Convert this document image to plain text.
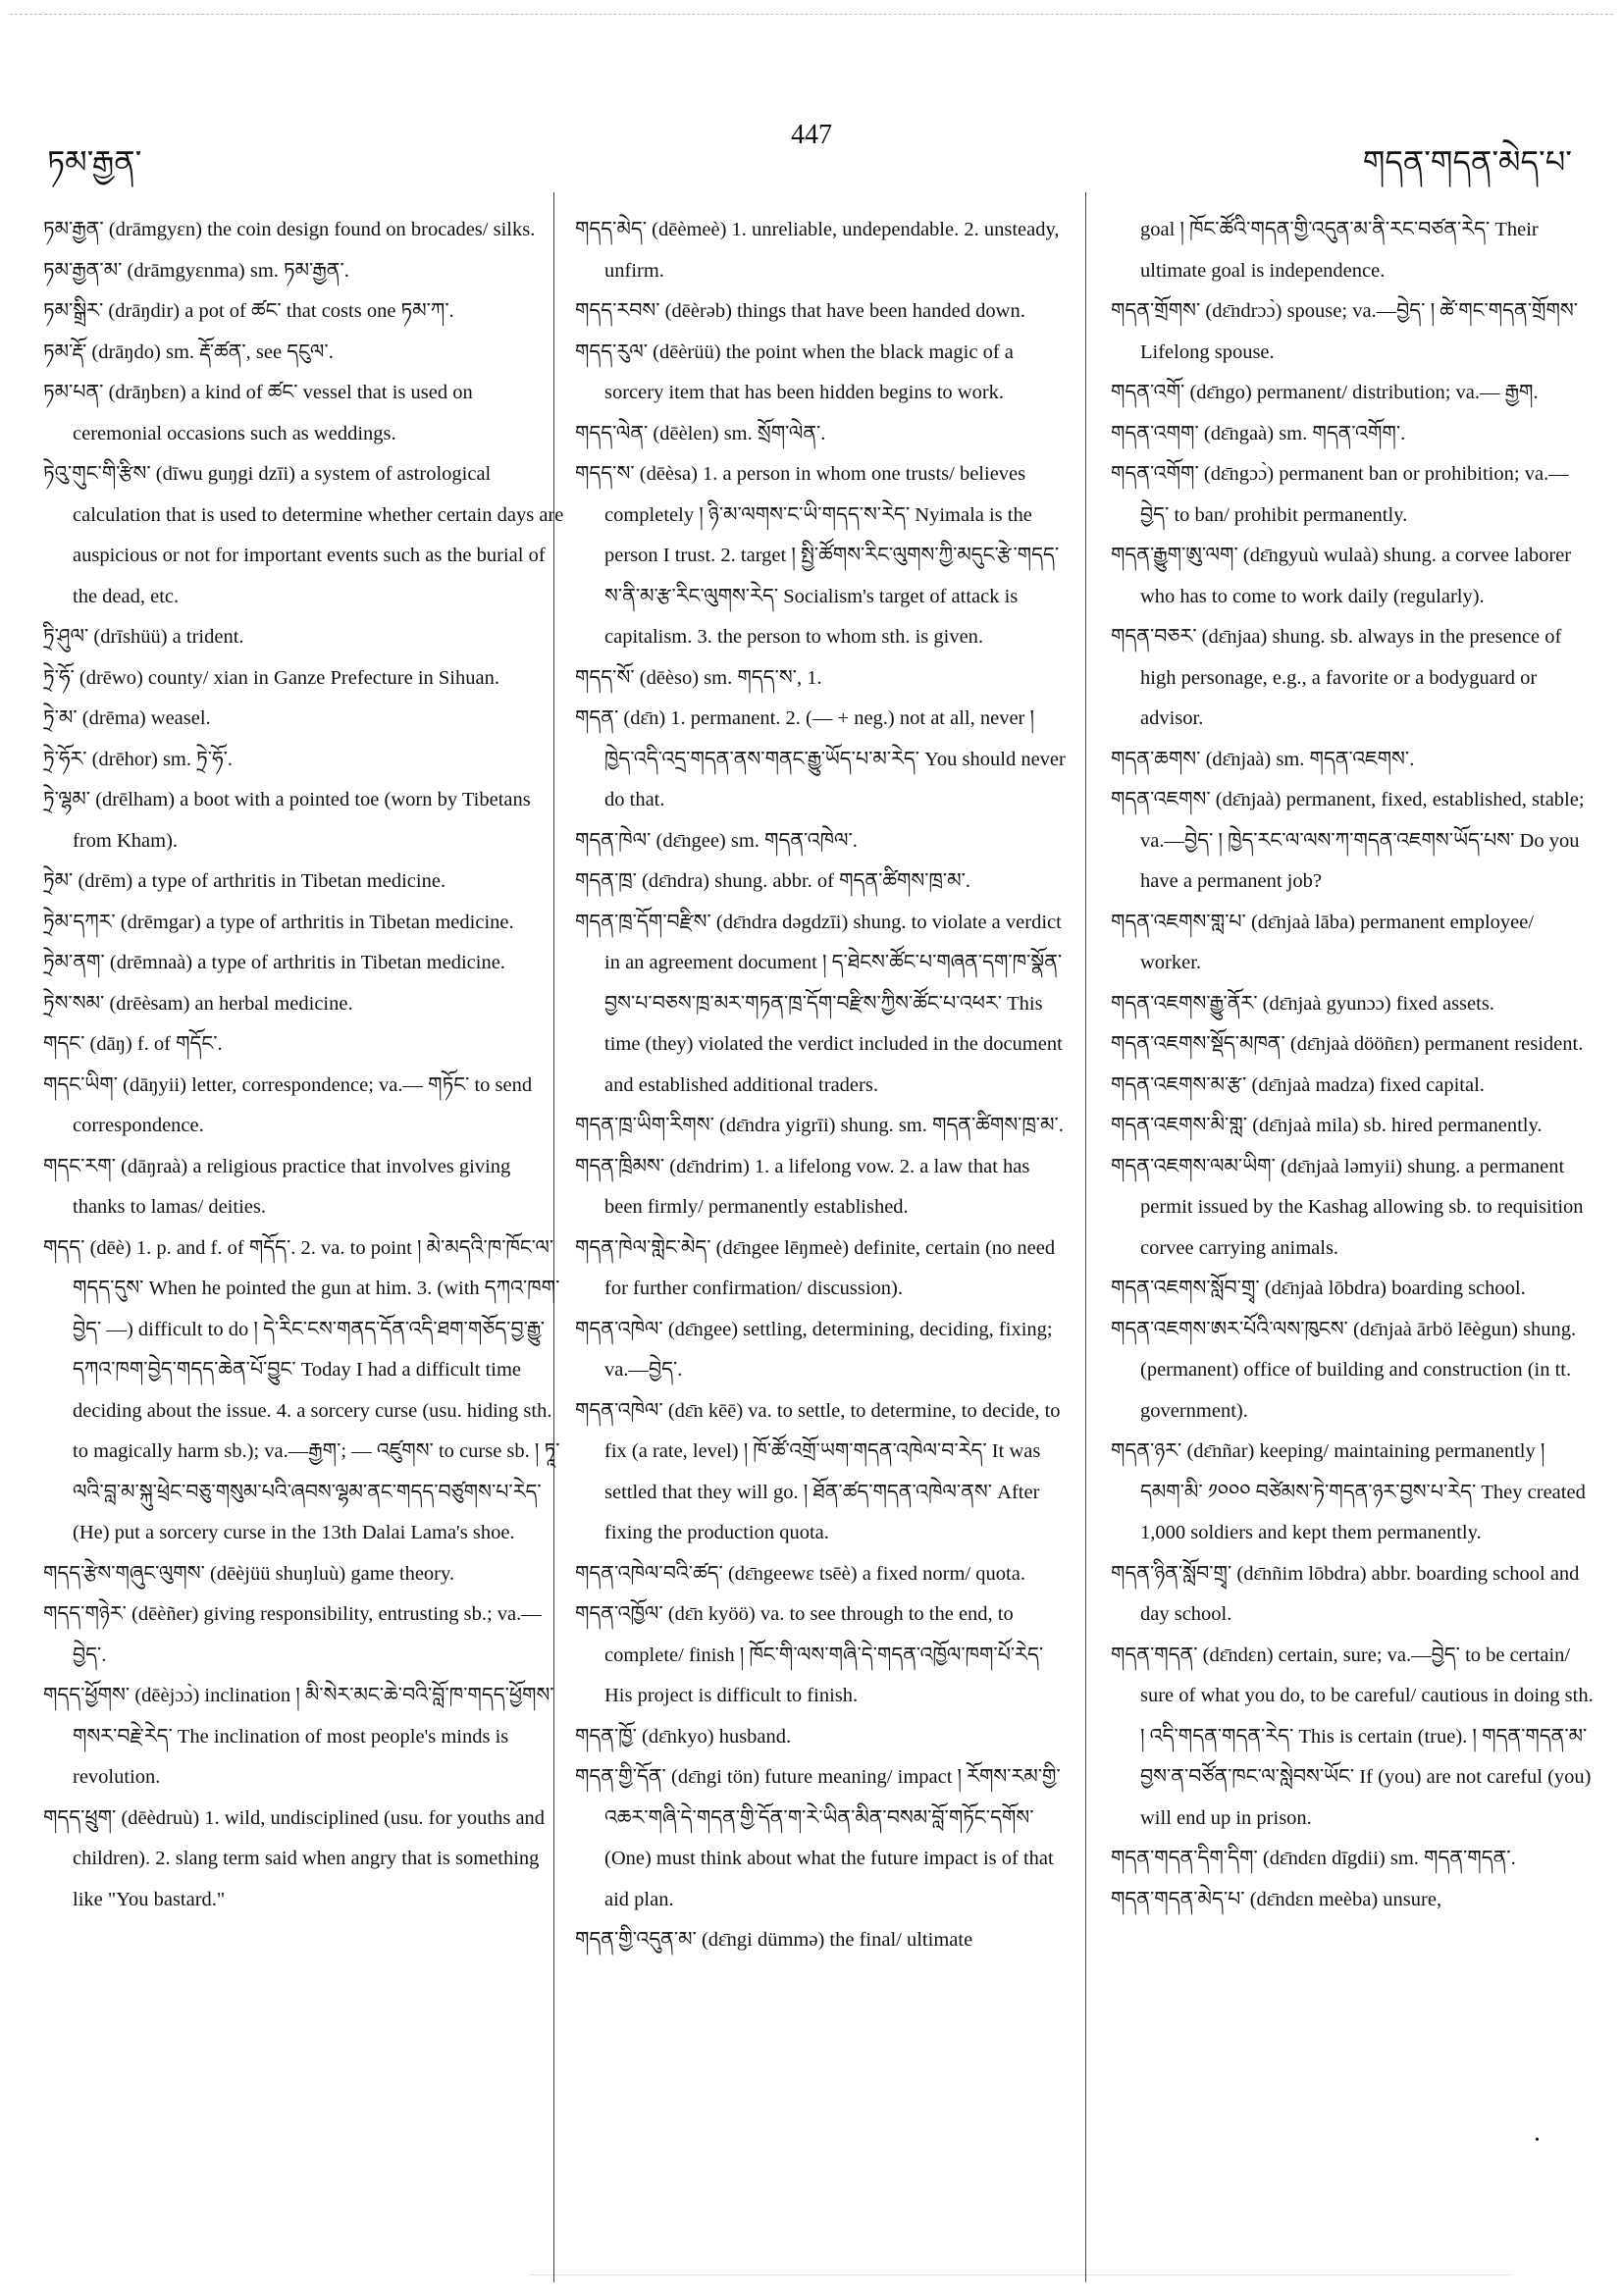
ཏམ་རྒྱན་
447
གདན་གདན་མེད་པ་
ཏམ་རྒྱན་ (drāmgyɛn) the coin design found on brocades/ silks.
ཏམ་རྒྱན་མ་ (drāmgyɛnma) sm. ཏམ་རྒྱན་.
ཏམ་སྒྲིར་ (drāŋdir) a pot of ཚང་ that costs one ཏམ་ཀ་.
ཏམ་རྡོ་ (drāŋdo) sm. རྡོ་ཚན་, see དངུལ་.
ཏམ་པན་ (drāŋbɛn) a kind of ཚང་ vessel that is used on ceremonial occasions such as weddings.
ཏེའུ་གུང་གི་རྩིས་ (dīwu guŋgi dzīi) a system of astrological calculation that is used to determine whether certain days are auspicious or not for important events such as the burial of the dead, etc.
ཏྲི་ཤུལ་ (drīshüü) a trident.
ཏྲེ་ཧོ་ (drēwo) county/ xian in Ganze Prefecture in Sihuan.
ཏྲེ་མ་ (drēma) weasel.
ཏྲེ་ཧོར་ (drēhor) sm. ཏྲེ་ཧོ་.
ཏྲེ་ལྷམ་ (drēlham) a boot with a pointed toe (worn by Tibetans from Kham).
ཏྲེམ་ (drēm) a type of arthritis in Tibetan medicine.
ཏྲེམ་དཀར་ (drēmgar) a type of arthritis in Tibetan medicine.
ཏྲེམ་ནག་ (drēmnaà) a type of arthritis in Tibetan medicine.
ཏྲེས་སམ་ (drēèsam) an herbal medicine.
གདང་ (dāŋ) f. of གདོང་.
གདང་ཡིག་ (dāŋyii) letter, correspondence; va.— གཏོང་ to send correspondence.
གདང་རག་ (dāŋraà) a religious practice that involves giving thanks to lamas/ deities.
གདད་ (dēè) 1. p. and f. of གདོད་. 2. va. to point ། མེ་མདའི་ཁ་ཁོང་ལ་གདད་དུས་ When he pointed the gun at him. 3. (with དཀའ་ཁག་བྱེད་ —) difficult to do ། དེ་རིང་ངས་གནད་དོན་འདི་ཐག་གཅོད་བྱ་རྒྱུ་དཀའ་ཁག་བྱེད་གདད་ཆེན་པོ་བྱུང་ Today I had a difficult time deciding about the issue. 4. a sorcery curse (usu. hiding sth. to magically harm sb.); va.—རྒྱག་; — འཛུགས་ to curse sb. ། ཏཱ་ལའི་བླ་མ་སྐུ་ཕྲེང་བཅུ་གསུམ་པའི་ཞབས་ལྷམ་ནང་གདད་བཙུགས་པ་རེད་ (He) put a sorcery curse in the 13th Dalai Lama's shoe.
གདད་རྩེས་གཞུང་ལུགས་ (dēèjüü shuŋluù) game theory.
གདད་གཉེར་ (dēèñer) giving responsibility, entrusting sb.; va.—བྱེད་.
གདད་ཕྱོགས་ (dēèjɔɔ̀) inclination ། མི་སེར་མང་ཆེ་བའི་བློ་ཁ་གདད་ཕྱོགས་གསར་བརྗེ་རེད་ The inclination of most people's minds is revolution.
གདད་ཕྲུག་ (dēèdruù) 1. wild, undisciplined (usu. for youths and children). 2. slang term said when angry that is something like "You bastard."
གདད་མེད་ (dēèmeè) 1. unreliable, undependable. 2. unsteady, unfirm.
གདད་རབས་ (dēèrəb) things that have been handed down.
གདད་རུལ་ (dēèrüü) the point when the black magic of a sorcery item that has been hidden begins to work.
གདད་ལེན་ (dēèlen) sm. སྲོག་ལེན་.
གདད་ས་ (dēèsa) 1. a person in whom one trusts/ believes completely ། ཉི་མ་ལགས་ང་ཡི་གདད་ས་རེད་ Nyimala is the person I trust. 2. target ། སྤྱི་ཚོགས་རིང་ལུགས་ཀྱི་མདུང་རྩེ་གདད་ས་ནི་མ་རྩ་རིང་ལུགས་རེད་ Socialism's target of attack is capitalism. 3. the person to whom sth. is given.
གདད་སོ་ (dēèso) sm. གདད་ས་, 1.
གདན་ (dɛ̄n) 1. permanent. 2. (— + neg.) not at all, never ། ཁྱེད་འདི་འདྲ་གདན་ནས་གནང་རྒྱུ་ཡོད་པ་མ་རེད་ You should never do that.
གདན་ཁེལ་ (dɛ̄ngee) sm. གདན་འཁེལ་.
གདན་ཁྲ་ (dɛ̄ndra) shung. abbr. of གདན་ཚིགས་ཁྲ་མ་.
གདན་ཁྲ་དོག་བརྫིས་ (dɛ̄ndra dəgdzīi) shung. to violate a verdict in an agreement document ། ད་ཐེངས་ཚོང་པ་གཞན་དག་ཁ་སྣོན་བྱས་པ་བཅས་ཁྲ་མར་གཏན་ཁྲ་དོག་བརྫིས་ཀྱིས་ཚོང་པ་འཕར་ This time (they) violated the verdict included in the document and established additional traders.
གདན་ཁྲ་ཡིག་རིགས་ (dɛ̄ndra yigrīi) shung. sm. གདན་ཚིགས་ཁྲ་མ་.
གདན་ཁྲིམས་ (dɛ̄ndrim) 1. a lifelong vow. 2. a law that has been firmly/ permanently established.
གདན་ཁེལ་གླེང་མེད་ (dɛ̄ngee lēŋmeè) definite, certain (no need for further confirmation/ discussion).
གདན་འཁེལ་ (dɛ̄ngee) settling, determining, deciding, fixing; va.—བྱེད་.
གདན་འཁེལ་ (dɛ̄n kēē) va. to settle, to determine, to decide, to fix (a rate, level) ། ཁོ་ཚོ་འགྲོ་ཡག་གདན་འཁེལ་བ་རེད་ It was settled that they will go. ། ཐོན་ཚད་གདན་འཁེལ་ནས་ After fixing the production quota.
གདན་འཁེལ་བའི་ཚད་ (dɛ̄ngeewɛ tsēè) a fixed norm/ quota.
གདན་འཁྱོལ་ (dɛ̄n kyöö) va. to see through to the end, to complete/ finish ། ཁོང་གི་ལས་གཞི་དེ་གདན་འཁྱོལ་ཁག་པོ་རེད་ His project is difficult to finish.
གདན་ཁྱོ་ (dɛ̄nkyo) husband.
གདན་གྱི་དོན་ (dɛ̄ngi tön) future meaning/ impact ། རོགས་རམ་གྱི་འཆར་གཞི་དེ་གདན་གྱི་དོན་ག་རེ་ཡིན་མིན་བསམ་བློ་གཏོང་དགོས་ (One) must think about what the future impact is of that aid plan.
གདན་གྱི་འདུན་མ་ (dɛ̄ngi dümmə) the final/ ultimate
goal ། ཁོང་ཚོའི་གདན་གྱི་འདུན་མ་ནི་རང་བཙན་རེད་ Their ultimate goal is independence.
གདན་གྲོགས་ (dɛ̄ndrɔɔ̀) spouse; va.—བྱེད་ ། ཚེ་གང་གདན་གྲོགས་ Lifelong spouse.
གདན་འགོ་ (dɛ̄ngo) permanent/ distribution; va.— རྒྱག.
གདན་འགག་ (dɛ̄ngaà) sm. གདན་འགོག་.
གདན་འགོག་ (dɛ̄ngɔɔ̀) permanent ban or prohibition; va.—བྱེད་ to ban/ prohibit permanently.
གདན་རྒྱུག་ཨུ་ལག་ (dɛ̄ngyuù wulaà) shung. a corvee laborer who has to come to work daily (regularly).
གདན་བཅར་ (dɛ̄njaa) shung. sb. always in the presence of high personage, e.g., a favorite or a bodyguard or advisor.
གདན་ཆགས་ (dɛ̄njaà) sm. གདན་འཇགས་.
གདན་འཇགས་ (dɛ̄njaà) permanent, fixed, established, stable; va.—བྱེད་ ། ཁྱེད་རང་ལ་ལས་ཀ་གདན་འཇགས་ཡོད་པས་ Do you have a permanent job?
གདན་འཇགས་གླ་པ་ (dɛ̄njaà lāba) permanent employee/ worker.
གདན་འཇགས་རྒྱུ་ནོར་ (dɛ̄njaà gyunɔɔ) fixed assets.
གདན་འཇགས་སྡོད་མཁན་ (dɛ̄njaà dööñɛn) permanent resident.
གདན་འཇགས་མ་རྩ་ (dɛ̄njaà madza) fixed capital.
གདན་འཇགས་མི་གླ་ (dɛ̄njaà mila) sb. hired permanently.
གདན་འཇགས་ལམ་ཡིག་ (dɛ̄njaà ləmyii) shung. a permanent permit issued by the Kashag allowing sb. to requisition corvee carrying animals.
གདན་འཇགས་སློབ་གྲྭ་ (dɛ̄njaà lōbdra) boarding school.
གདན་འཇགས་ཨར་པོའི་ལས་ཁུངས་ (dɛ̄njaà ārbö lēègun) shung. (permanent) office of building and construction (in tt. government).
གདན་ཉར་ (dɛ̄nñar) keeping/ maintaining permanently ། དམག་མི་ ༡༠༠༠ བཙེམས་ཏེ་གདན་ཉར་བྱས་པ་རེད་ They created 1,000 soldiers and kept them permanently.
གདན་ཉིན་སློབ་གྲྭ་ (dɛ̄nñim lōbdra) abbr. boarding school and day school.
གདན་གདན་ (dɛ̄ndɛn) certain, sure; va.—བྱེད་ to be certain/ sure of what you do, to be careful/ cautious in doing sth. ། འདི་གདན་གདན་རེད་ This is certain (true). ། གདན་གདན་མ་བྱས་ན་བཙོན་ཁང་ལ་སླེབས་ཡོང་ If (you) are not careful (you) will end up in prison.
གདན་གདན་དིག་དིག་ (dɛ̄ndɛn dīgdii) sm. གདན་གདན་.
གདན་གདན་མེད་པ་ (dɛ̄ndɛn meèba) unsure,
•
